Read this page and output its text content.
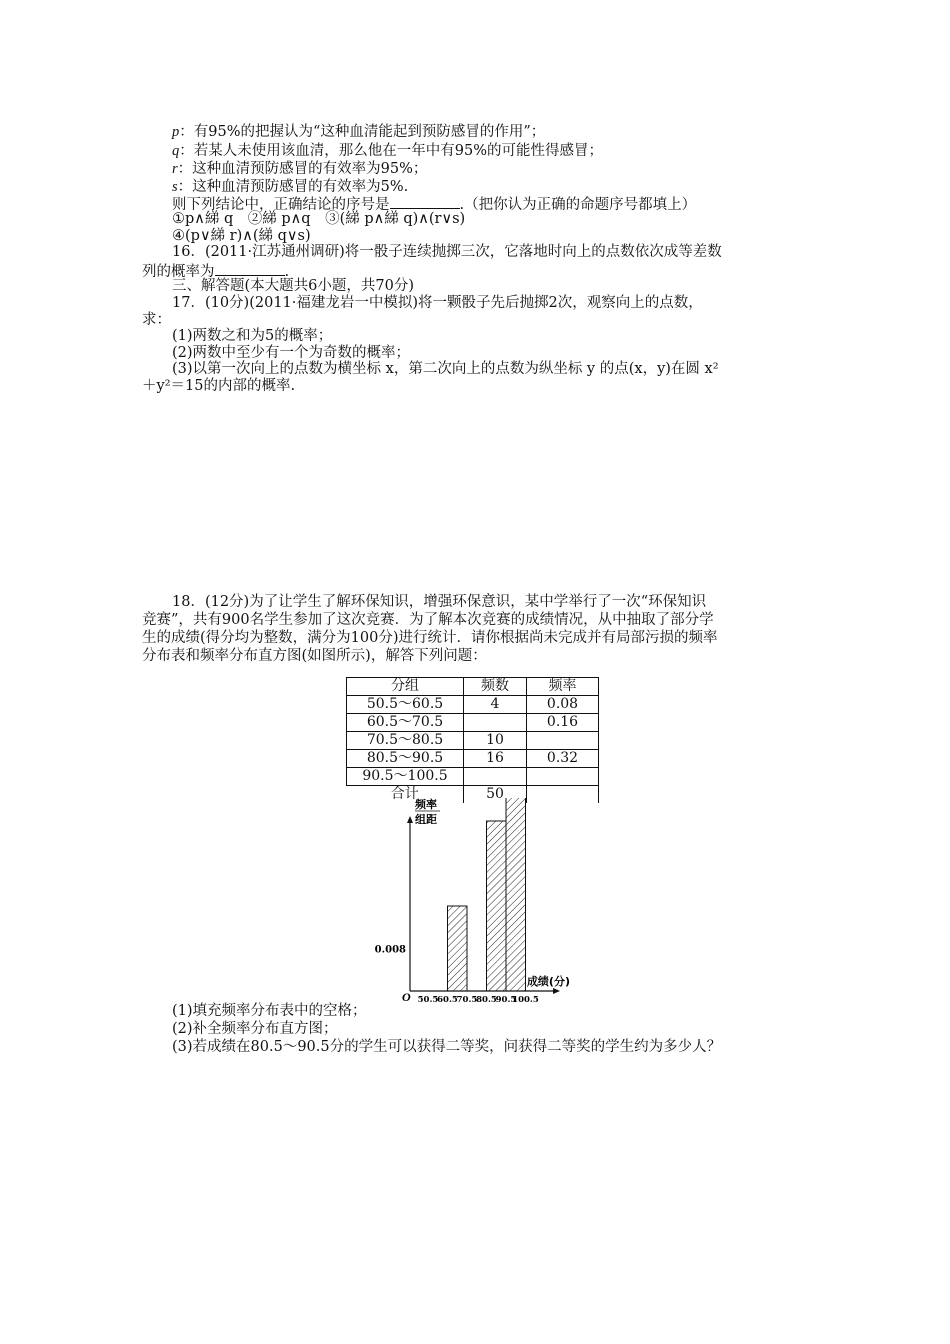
p：有95%的把握认为“这种血清能起到预防感冒的作用”；
q：若某人未使用该血清，那么他在一年中有95%的可能性得感冒；
r：这种血清预防感冒的有效率为95%；
s：这种血清预防感冒的有效率为5%.
则下列结论中，正确结论的序号是	.（把你认为正确的命题序号都填上）
①p∧綈 q　②綈 p∧q　③(綈 p∧綈 q)∧(r∨s)
④(p∨綈 r)∧(綈 q∨s)
16．(2011·江苏通州调研)将一骰子连续抛掷三次，它落地时向上的点数依次成等差数
列的概率为	.
三、解答题(本大题共6小题，共70分)
17．(10分)(2011·福建龙岩一中模拟)将一颗骰子先后抛掷2次，观察向上的点数，
求：
(1)两数之和为5的概率；
(2)两数中至少有一个为奇数的概率；
(3)以第一次向上的点数为横坐标 x，第二次向上的点数为纵坐标 y 的点(x，y)在圆 x²
＋y²＝15的内部的概率.
18．(12分)为了让学生了解环保知识，增强环保意识，某中学举行了一次“环保知识
竞赛”，共有900名学生参加了这次竞赛．为了解本次竞赛的成绩情况，从中抽取了部分学
生的成绩(得分均为整数，满分为100分)进行统计．请你根据尚未完成并有局部污损的频率
分布表和频率分布直方图(如图所示)，解答下列问题：
分组	频数	频率
50.5～60.5	4	0.08
60.5～70.5		0.16
70.5～80.5	10	
80.5～90.5	16	0.32
90.5～100.5		
合计	50	
频率
组距
0.008
50.5
60.5
70.5
80.5
90.5
100.5
O
成绩(分)
(1)填充频率分布表中的空格；
(2)补全频率分布直方图；
(3)若成绩在80.5～90.5分的学生可以获得二等奖，问获得二等奖的学生约为多少人？
